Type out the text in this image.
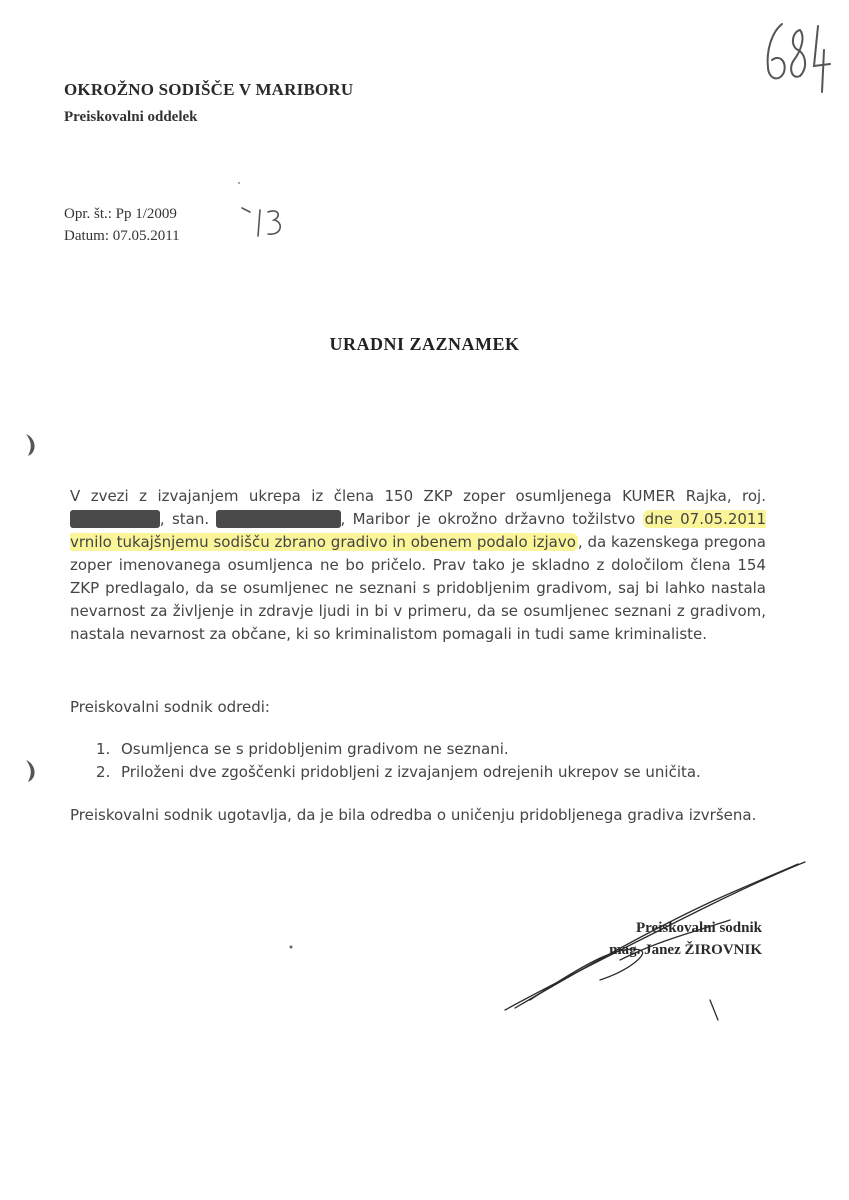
OKROŽNO SODIŠČE V MARIBORU
Preiskovalni oddelek
Opr. št.: Pp 1/2009
Datum: 07.05.2011
URADNI ZAZNAMEK
V zvezi z izvajanjem ukrepa iz člena 150 ZKP zoper osumljenega KUMER Rajka, roj. 21.07.1955 , stan. Pohorska ul. 53 , Maribor je okrožno državno tožilstvo dne 07.05.2011 vrnilo tukajšnjemu sodišču zbrano gradivo in obenem podalo izjavo , da kazenskega pregona zoper imenovanega osumljenca ne bo pričelo. Prav tako je skladno z določilom člena 154 ZKP predlagalo, da se osumljenec ne seznani s pridobljenim gradivom, saj bi lahko nastala nevarnost za življenje in zdravje ljudi in bi v primeru, da se osumljenec seznani z gradivom, nastala nevarnost za občane, ki so kriminalistom pomagali in tudi same kriminaliste.
Preiskovalni sodnik odredi:
1. Osumljenca se s pridobljenim gradivom ne seznani.
2. Priloženi dve zgoščenki pridobljeni z izvajanjem odrejenih ukrepov se uničita.
Preiskovalni sodnik ugotavlja, da je bila odredba o uničenju pridobljenega gradiva izvršena.
Preiskovalni sodnik
mag. Janez ŽIROVNIK
